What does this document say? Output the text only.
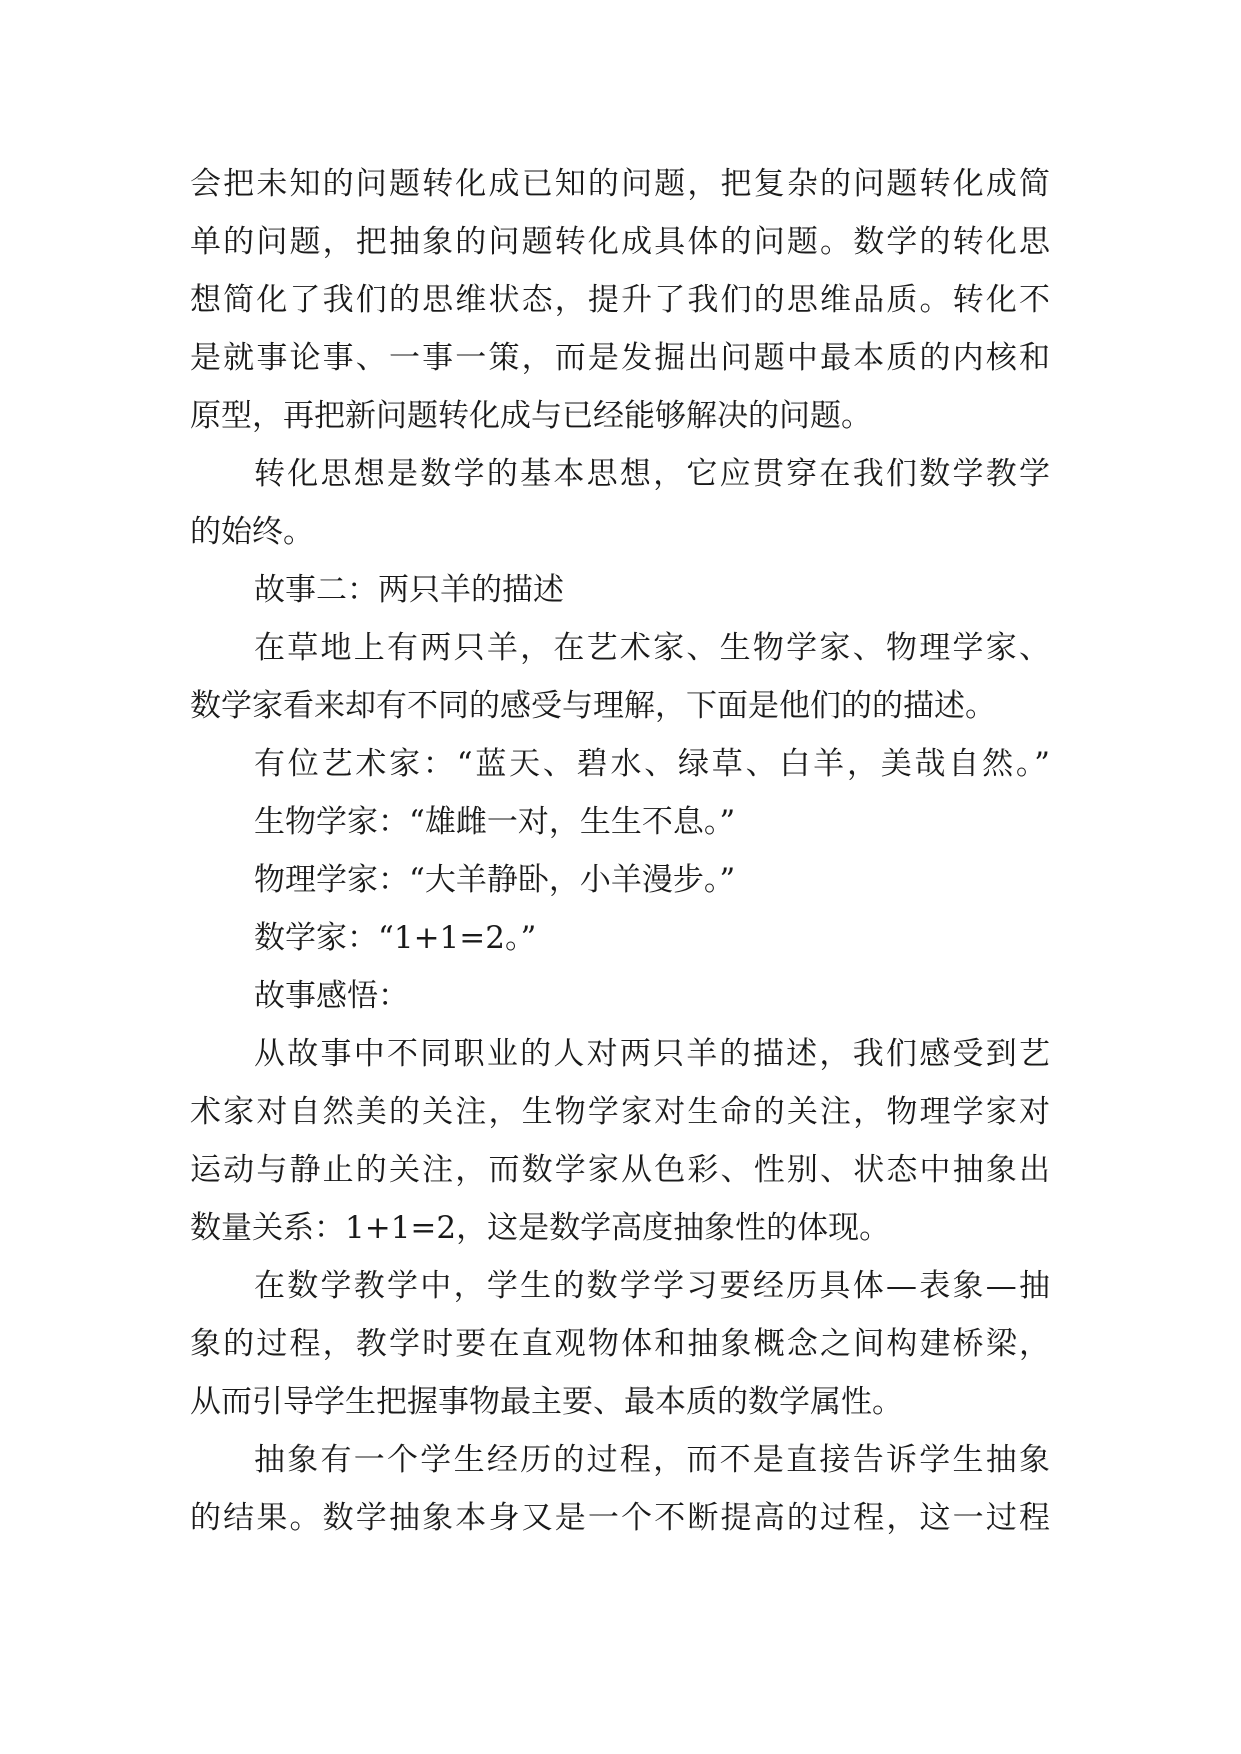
会把未知的问题转化成已知的问题，把复杂的问题转化成简
单的问题，把抽象的问题转化成具体的问题。数学的转化思
想简化了我们的思维状态，提升了我们的思维品质。转化不
是就事论事、一事一策，而是发掘出问题中最本质的内核和
原型，再把新问题转化成与已经能够解决的问题。
转化思想是数学的基本思想，它应贯穿在我们数学教学
的始终。
故事二：两只羊的描述
在草地上有两只羊，在艺术家、生物学家、物理学家、
数学家看来却有不同的感受与理解，下面是他们的的描述。
有位艺术家：“蓝天、碧水、绿草、白羊，美哉自然。”
生物学家：“雄雌一对，生生不息。”
物理学家：“大羊静卧，小羊漫步。”
数学家：“1+1=2。”
故事感悟：
从故事中不同职业的人对两只羊的描述，我们感受到艺
术家对自然美的关注，生物学家对生命的关注，物理学家对
运动与静止的关注，而数学家从色彩、性别、状态中抽象出
数量关系：1+1=2，这是数学高度抽象性的体现。
在数学教学中，学生的数学学习要经历具体—表象—抽
象的过程，教学时要在直观物体和抽象概念之间构建桥梁，
从而引导学生把握事物最主要、最本质的数学属性。
抽象有一个学生经历的过程，而不是直接告诉学生抽象
的结果。数学抽象本身又是一个不断提高的过程，这一过程
